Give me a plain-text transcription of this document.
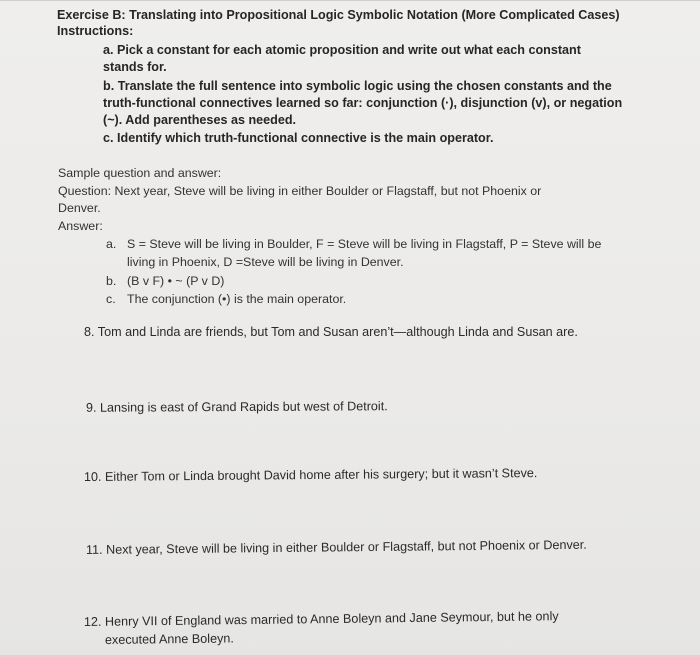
Exercise B: Translating into Propositional Logic Symbolic Notation (More Complicated Cases)
Instructions:
a. Pick a constant for each atomic proposition and write out what each constant
stands for.
b. Translate the full sentence into symbolic logic using the chosen constants and the
truth-functional connectives learned so far: conjunction (·), disjunction (v), or negation
(~). Add parentheses as needed.
c. Identify which truth-functional connective is the main operator.
Sample question and answer:
Question: Next year, Steve will be living in either Boulder or Flagstaff, but not Phoenix or
Denver.
Answer:
a. S = Steve will be living in Boulder, F = Steve will be living in Flagstaff, P = Steve will be
living in Phoenix, D =Steve will be living in Denver.
b. (B v F) • ~ (P v D)
c. The conjunction (•) is the main operator.
8. Tom and Linda are friends, but Tom and Susan aren’t—although Linda and Susan are.
9. Lansing is east of Grand Rapids but west of Detroit.
10. Either Tom or Linda brought David home after his surgery; but it wasn’t Steve.
11. Next year, Steve will be living in either Boulder or Flagstaff, but not Phoenix or Denver.
12. Henry VII of England was married to Anne Boleyn and Jane Seymour, but he only
executed Anne Boleyn.
